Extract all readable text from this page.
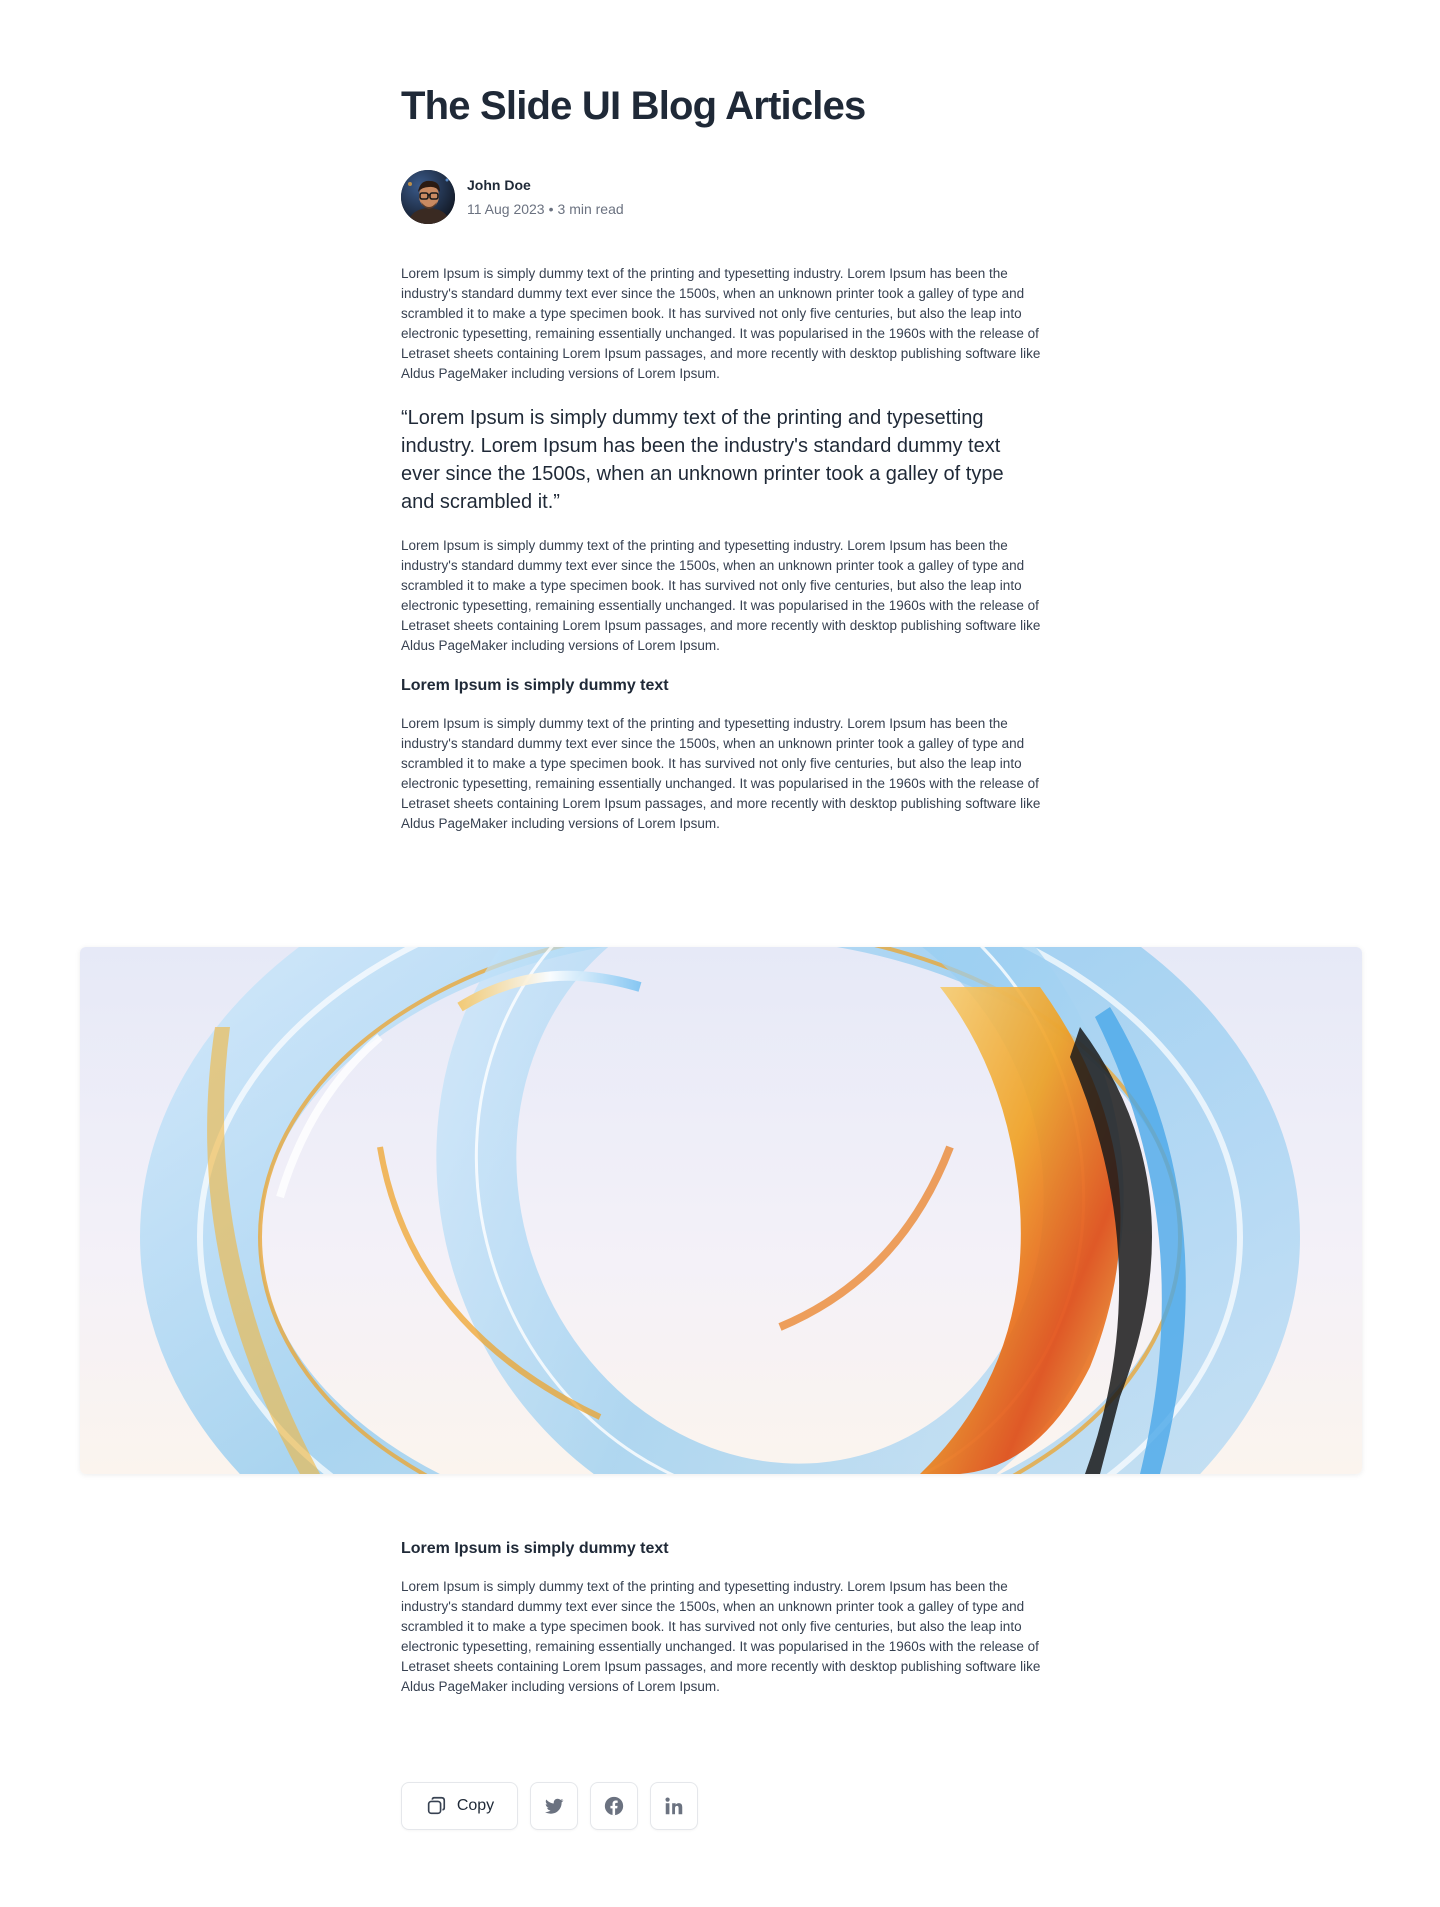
The Slide UI Blog Articles
John Doe
11 Aug 2023 • 3 min read

Lorem Ipsum is simply dummy text of the printing and typesetting industry. Lorem Ipsum has been the industry's standard dummy text ever since the 1500s, when an unknown printer took a galley of type and scrambled it to make a type specimen book. It has survived not only five centuries, but also the leap into electronic typesetting, remaining essentially unchanged. It was popularised in the 1960s with the release of Letraset sheets containing Lorem Ipsum passages, and more recently with desktop publishing software like Aldus PageMaker including versions of Lorem Ipsum.

“Lorem Ipsum is simply dummy text of the printing and typesetting industry. Lorem Ipsum has been the industry's standard dummy text ever since the 1500s, when an unknown printer took a galley of type and scrambled it.”

Lorem Ipsum is simply dummy text of the printing and typesetting industry. Lorem Ipsum has been the industry's standard dummy text ever since the 1500s, when an unknown printer took a galley of type and scrambled it to make a type specimen book. It has survived not only five centuries, but also the leap into electronic typesetting, remaining essentially unchanged. It was popularised in the 1960s with the release of Letraset sheets containing Lorem Ipsum passages, and more recently with desktop publishing software like Aldus PageMaker including versions of Lorem Ipsum.

Lorem Ipsum is simply dummy text

Lorem Ipsum is simply dummy text of the printing and typesetting industry. Lorem Ipsum has been the industry's standard dummy text ever since the 1500s, when an unknown printer took a galley of type and scrambled it to make a type specimen book. It has survived not only five centuries, but also the leap into electronic typesetting, remaining essentially unchanged. It was popularised in the 1960s with the release of Letraset sheets containing Lorem Ipsum passages, and more recently with desktop publishing software like Aldus PageMaker including versions of Lorem Ipsum.

Lorem Ipsum is simply dummy text

Lorem Ipsum is simply dummy text of the printing and typesetting industry. Lorem Ipsum has been the industry's standard dummy text ever since the 1500s, when an unknown printer took a galley of type and scrambled it to make a type specimen book. It has survived not only five centuries, but also the leap into electronic typesetting, remaining essentially unchanged. It was popularised in the 1960s with the release of Letraset sheets containing Lorem Ipsum passages, and more recently with desktop publishing software like Aldus PageMaker including versions of Lorem Ipsum.

Copy
